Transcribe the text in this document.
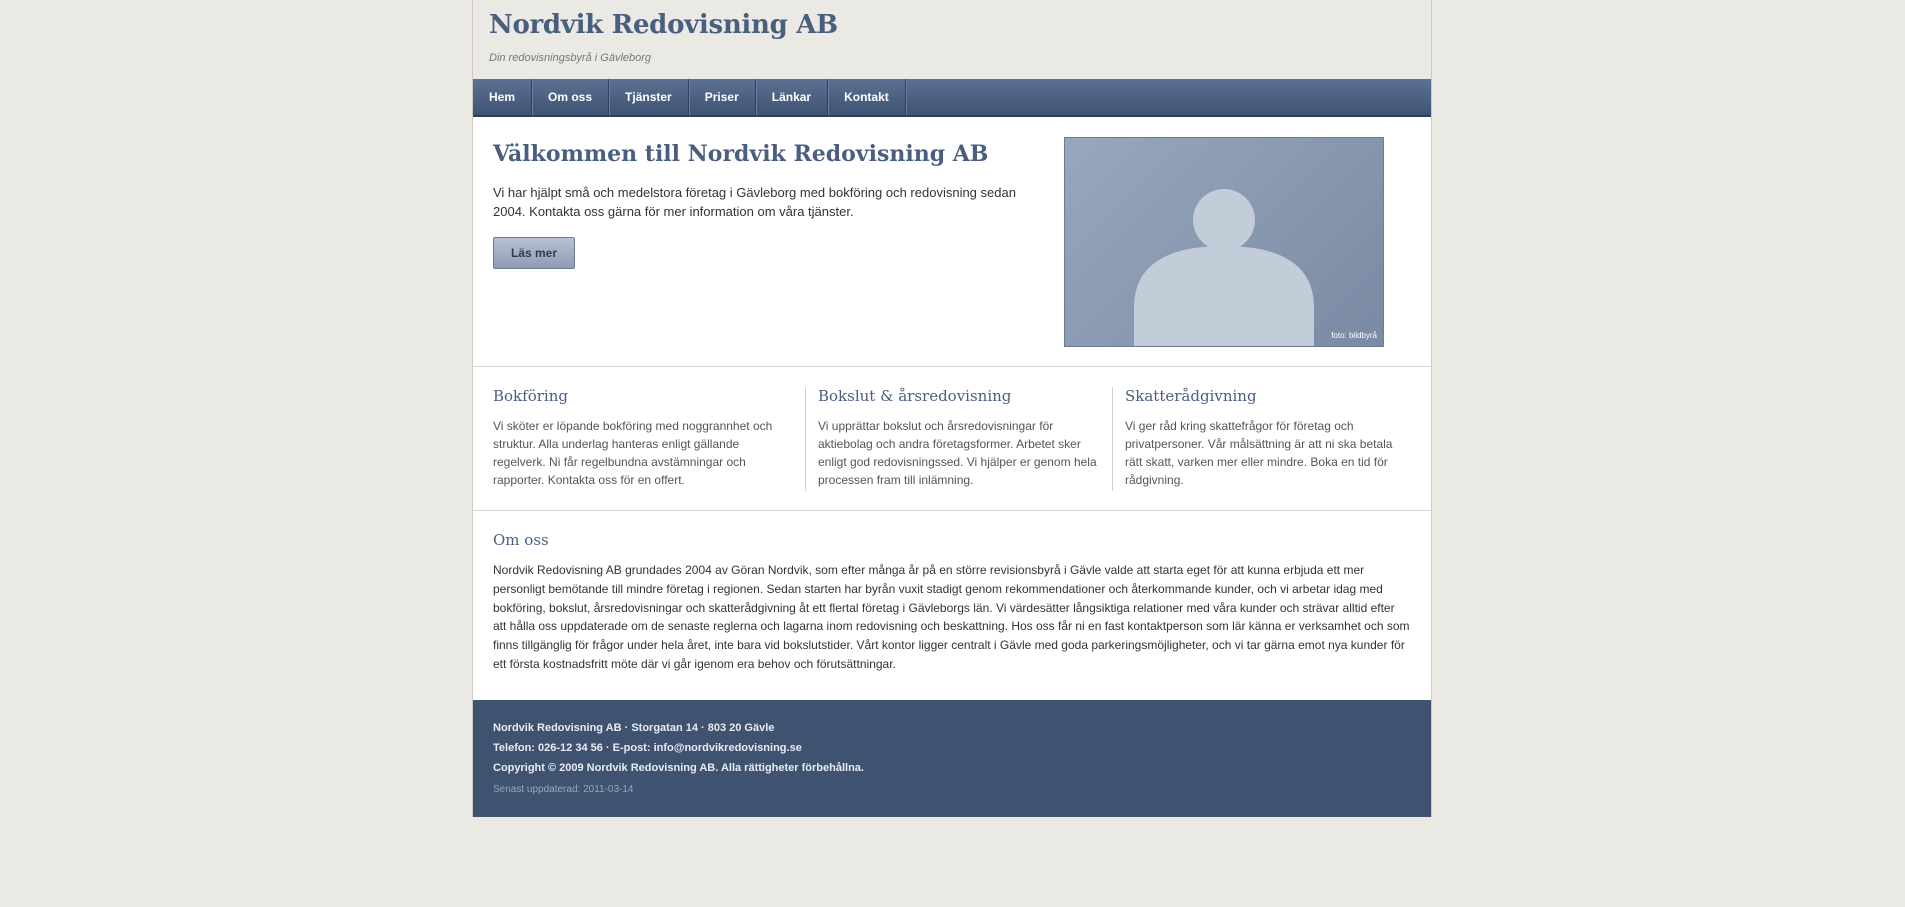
Nordvik Redovisning AB
Din redovisningsbyrå i Gävleborg
Hem	Om oss	Tjänster	Priser	Länkar	Kontakt
Välkommen till Nordvik Redovisning AB

Vi har hjälpt små och medelstora företag i Gävleborg med bokföring och redovisning sedan 2004. Kontakta oss gärna för mer information om våra tjänster.

Läs mer
foto: bildbyrå
Bokföring

Vi sköter er löpande bokföring med noggrannhet och struktur. Alla underlag hanteras enligt gällande regelverk. Ni får regelbundna avstämningar och rapporter. Kontakta oss för en offert.

Bokslut & årsredovisning

Vi upprättar bokslut och årsredovisningar för aktiebolag och andra företagsformer. Arbetet sker enligt god redovisningssed. Vi hjälper er genom hela processen fram till inlämning.

Skatterådgivning

Vi ger råd kring skattefrågor för företag och privatpersoner. Vår målsättning är att ni ska betala rätt skatt, varken mer eller mindre. Boka en tid för rådgivning.

Om oss

Nordvik Redovisning AB grundades 2004 av Göran Nordvik, som efter många år på en större revisionsbyrå i Gävle valde att starta eget för att kunna erbjuda ett mer personligt bemötande till mindre företag i regionen. Sedan starten har byrån vuxit stadigt genom rekommendationer och återkommande kunder, och vi arbetar idag med bokföring, bokslut, årsredovisningar och skatterådgivning åt ett flertal företag i Gävleborgs län. Vi värdesätter långsiktiga relationer med våra kunder och strävar alltid efter att hålla oss uppdaterade om de senaste reglerna och lagarna inom redovisning och beskattning. Hos oss får ni en fast kontaktperson som lär känna er verksamhet och som finns tillgänglig för frågor under hela året, inte bara vid bokslutstider. Vårt kontor ligger centralt i Gävle med goda parkeringsmöjligheter, och vi tar gärna emot nya kunder för ett första kostnadsfritt möte där vi går igenom era behov och förutsättningar.

Nordvik Redovisning AB · Storgatan 14 · 803 20 Gävle
Telefon: 026-12 34 56 · E-post: info@nordvikredovisning.se
Copyright © 2009 Nordvik Redovisning AB. Alla rättigheter förbehållna.
Senast uppdaterad: 2011-03-14
